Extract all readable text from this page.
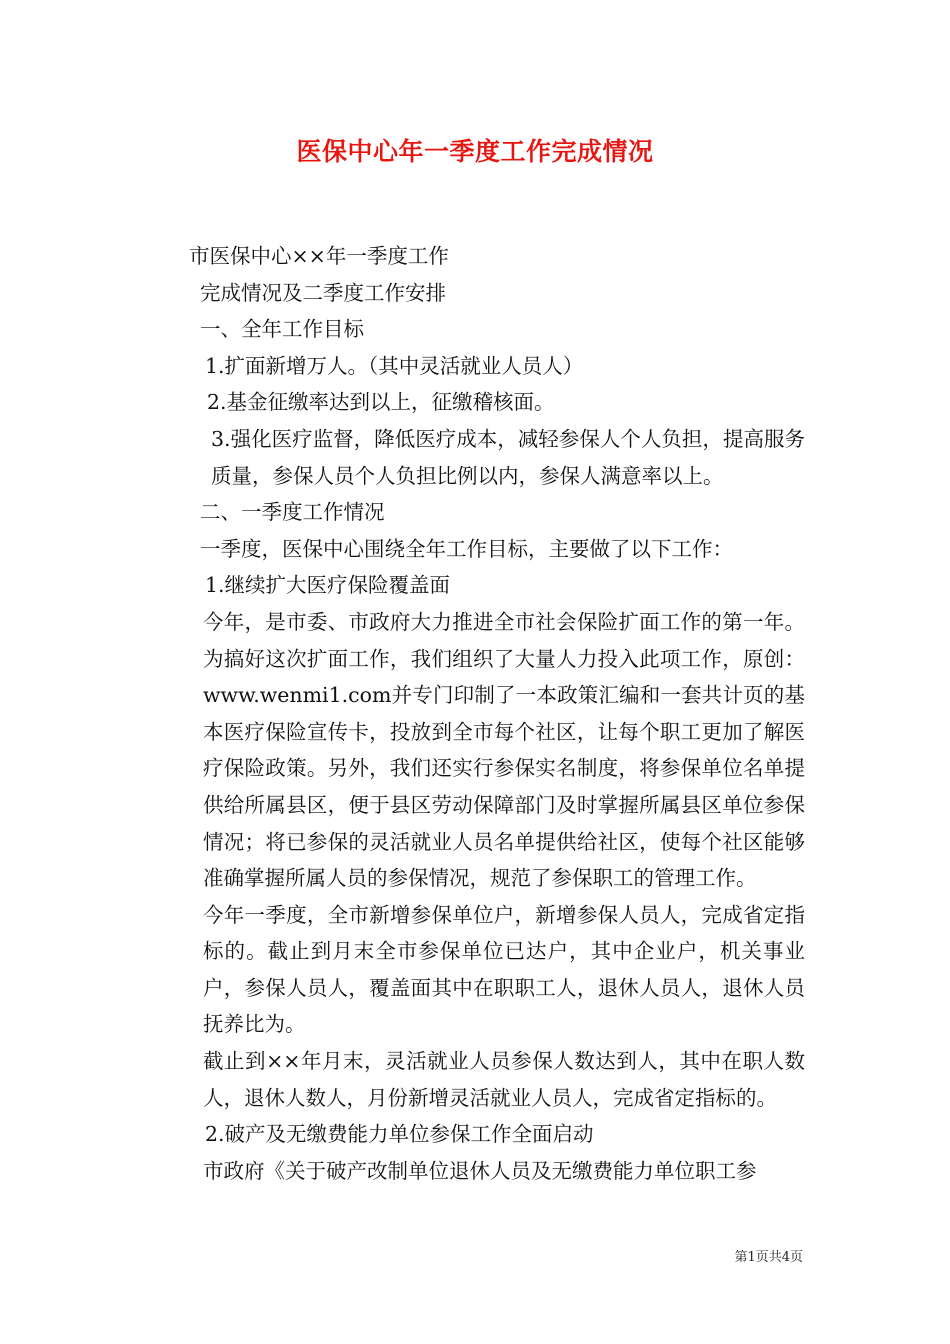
医保中心年一季度工作完成情况

市医保中心××年一季度工作

完成情况及二季度工作安排

一、全年工作目标

1.扩面新增万人。（其中灵活就业人员人）

2.基金征缴率达到以上，征缴稽核面。

3.强化医疗监督，降低医疗成本，减轻参保人个人负担，提高服务质量，参保人员个人负担比例以内，参保人满意率以上。

二、一季度工作情况

一季度，医保中心围绕全年工作目标，主要做了以下工作：

1.继续扩大医疗保险覆盖面

今年，是市委、市政府大力推进全市社会保险扩面工作的第一年。为搞好这次扩面工作，我们组织了大量人力投入此项工作，原创：www.wenmi1.com并专门印制了一本政策汇编和一套共计页的基本医疗保险宣传卡，投放到全市每个社区，让每个职工更加了解医疗保险政策。另外，我们还实行参保实名制度，将参保单位名单提供给所属县区，便于县区劳动保障部门及时掌握所属县区单位参保情况；将已参保的灵活就业人员名单提供给社区，使每个社区能够准确掌握所属人员的参保情况，规范了参保职工的管理工作。

今年一季度，全市新增参保单位户，新增参保人员人，完成省定指标的。截止到月末全市参保单位已达户，其中企业户，机关事业户，参保人员人，覆盖面其中在职职工人，退休人员人，退休人员抚养比为。

截止到××年月末，灵活就业人员参保人数达到人，其中在职人数人，退休人数人，月份新增灵活就业人员人，完成省定指标的。

2.破产及无缴费能力单位参保工作全面启动

市政府《关于破产改制单位退休人员及无缴费能力单位职工参

第1页共4页
